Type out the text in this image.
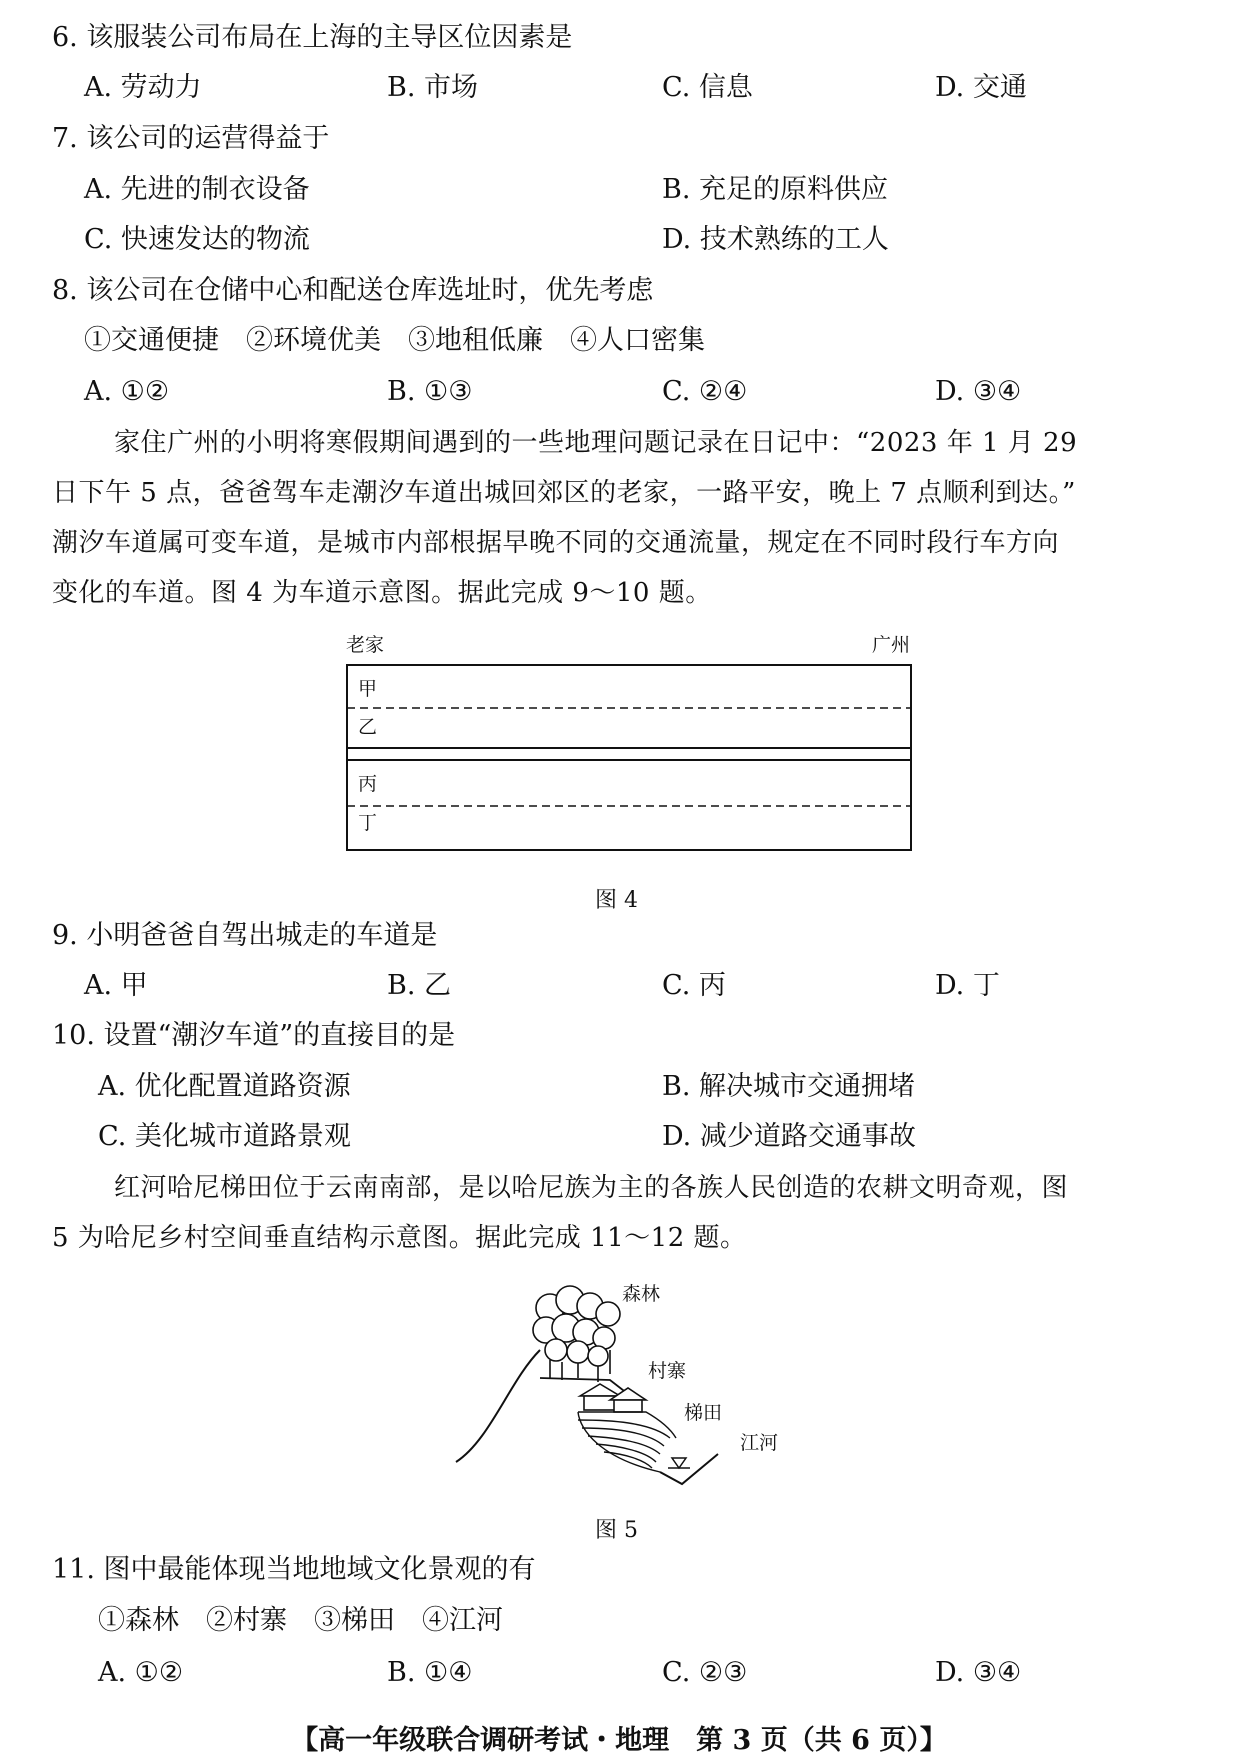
6. 该服装公司布局在上海的主导区位因素是
A. 劳动力	B. 市场	C. 信息	D. 交通
7. 该公司的运营得益于
A. 先进的制衣设备	B. 充足的原料供应
C. 快速发达的物流	D. 技术熟练的工人
8. 该公司在仓储中心和配送仓库选址时，优先考虑
①交通便捷　②环境优美　③地租低廉　④人口密集
A. ①②	B. ①③	C. ②④	D. ③④
家住广州的小明将寒假期间遇到的一些地理问题记录在日记中：“2023 年 1 月 29
日下午 5 点，爸爸驾车走潮汐车道出城回郊区的老家，一路平安，晚上 7 点顺利到达。”
潮汐车道属可变车道，是城市内部根据早晚不同的交通流量，规定在不同时段行车方向
变化的车道。图 4 为车道示意图。据此完成 9～10 题。
老家	广州
甲
乙
丙
丁
图 4
9. 小明爸爸自驾出城走的车道是
A. 甲	B. 乙	C. 丙	D. 丁
10. 设置“潮汐车道”的直接目的是
A. 优化配置道路资源	B. 解决城市交通拥堵
C. 美化城市道路景观	D. 减少道路交通事故
红河哈尼梯田位于云南南部，是以哈尼族为主的各族人民创造的农耕文明奇观，图
5 为哈尼乡村空间垂直结构示意图。据此完成 11～12 题。
森林
村寨
梯田
江河
图 5
11. 图中最能体现当地地域文化景观的有
①森林　②村寨　③梯田　④江河
A. ①②	B. ①④	C. ②③	D. ③④
【高一年级联合调研考试・地理　第 3 页（共 6 页）】
